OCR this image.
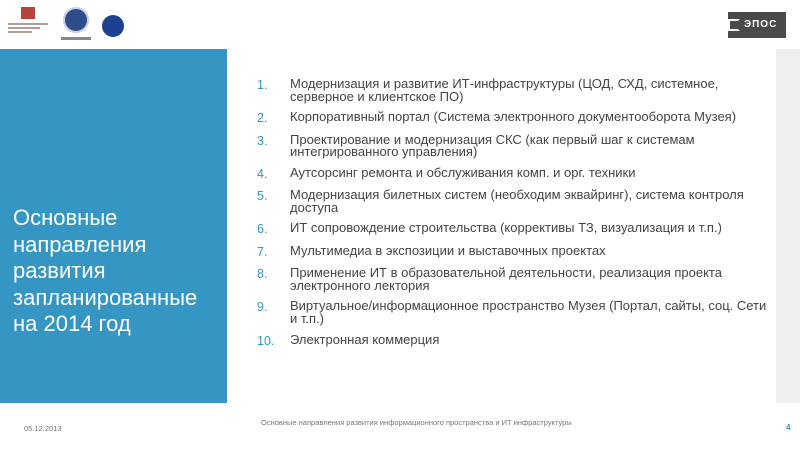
ЭПОС
Основные направления развития запланированные на 2014 год
1.	Модернизация и развитие ИТ-инфраструктуры (ЦОД, СХД, системное, серверное и клиентское ПО)
2.	Корпоративный портал (Система электронного документооборота Музея)
3.	Проектирование и модернизация СКС (как первый шаг к системам интегрированного управления)
4.	Аутсорсинг ремонта и обслуживания комп. и орг. техники
5.	Модернизация билетных систем (необходим эквайринг), система контроля доступа
6.	ИТ сопровождение строительства (коррективы ТЗ, визуализация и т.п.)
7.	Мультимедиа в экспозиции и выставочных проектах
8.	Применение ИТ в образовательной деятельности, реализация проекта электронного лектория
9.	Виртуальное/информационное пространство Музея (Портал, сайты, соц. Сети и т.п.)
10.	Электронная коммерция
05.12.2013
Основные направления развития информационного пространства и ИТ инфраструктуры
4
